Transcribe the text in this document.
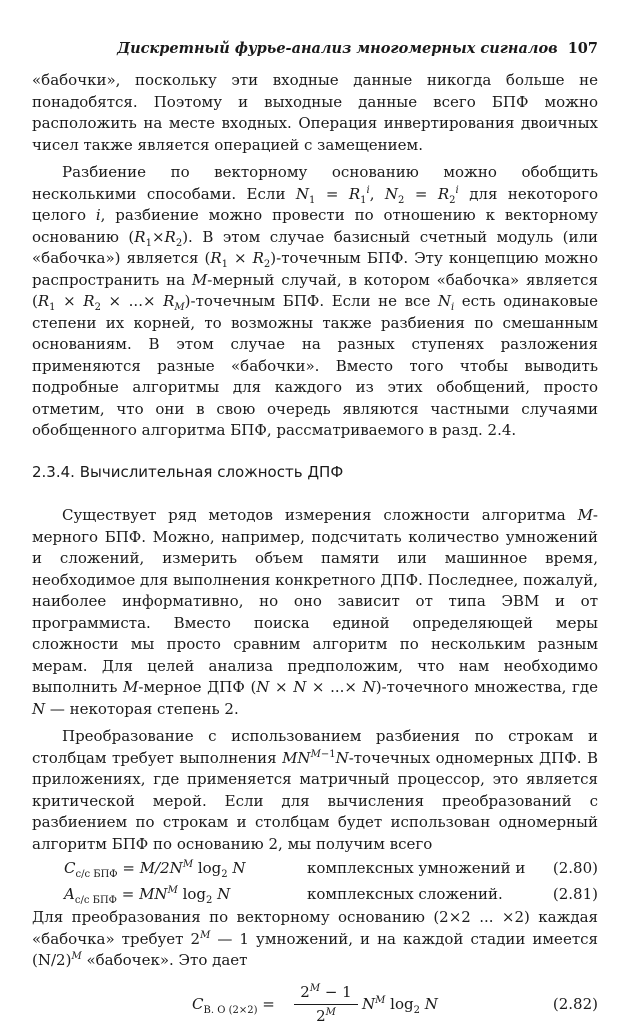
Дискретный фурье-анализ многомерных сигналов 107

«бабочки», поскольку эти входные данные никогда больше не понадобятся. Поэтому и выходные данные всего БПФ можно расположить на месте входных. Операция инвертирования двоичных чисел также является операцией с замещением.

Разбиение по векторному основанию можно обобщить несколькими способами. Если $N_1 = R_1^i$, $N_2 = R_2^i$ для некоторого целого i, разбиение можно провести по отношению к векторному основанию $(R_1\times R_2)$. В этом случае базисный счетный модуль (или «бабочка») является ($R_1$ × $R_2$)-точечным БПФ. Эту концепцию можно распространить на M-мерный случай, в котором «бабочка» является ($R_1 \times R_2$ × ...× $R_M$)-точечным БПФ. Если не все $N_i$ есть одинаковые степени их корней, то возможны также разбиения по смешанным основаниям. В этом случае на разных ступенях разложения применяются разные «бабочки». Вместо того чтобы выводить подробные алгоритмы для каждого из этих обобщений, просто отметим, что они в свою очередь являются частными случаями обобщенного алгоритма БПФ, рассматриваемого в разд. 2.4.

2.3.4. Вычислительная сложность ДПФ

Существует ряд методов измерения сложности алгоритма M-мерного БПФ. Можно, например, подсчитать количество умножений и сложений, измерить объем памяти или машинное время, необходимое для выполнения конкретного ДПФ. Последнее, пожалуй, наиболее информативно, но оно зависит от типа ЭВМ и от программиста. Вместо поиска единой определяющей меры сложности мы просто сравним алгоритм по нескольким разным мерам. Для целей анализа предположим, что нам необходимо выполнить M-мерное ДПФ (N × N × ...× N)-точечного множества, где N — некоторая степень 2.

Преобразование с использованием разбиения по строкам и столбцам требует выполнения $MN^{M-1}N$-точечных одномерных ДПФ. В приложениях, где применяется матричный процессор, это является критической мерой. Если для вычисления преобразований с разбиением по строкам и столбцам будет использован одномерный алгоритм БПФ по основанию 2, мы получим всего

$C_{с/с БПФ} = M/2N^M$ $\log_2 N$	комплексных умножений и (2.80)
$A_{с/с БПФ} = MN^M$ $\log_2 N$	комплексных сложений.	(2.81)

Для преобразования по векторному основанию (2×2 ... ×2) каждая «бабочка» требует $2^M$ — 1 умножений, и на каждой стадии имеется $(N/2)^M$ «бабочек». Это дает

$C_{В. О (2\times 2)} = \frac{2^M - 1}{2^M} N^M$ $\log_2 N$	(2.82)
